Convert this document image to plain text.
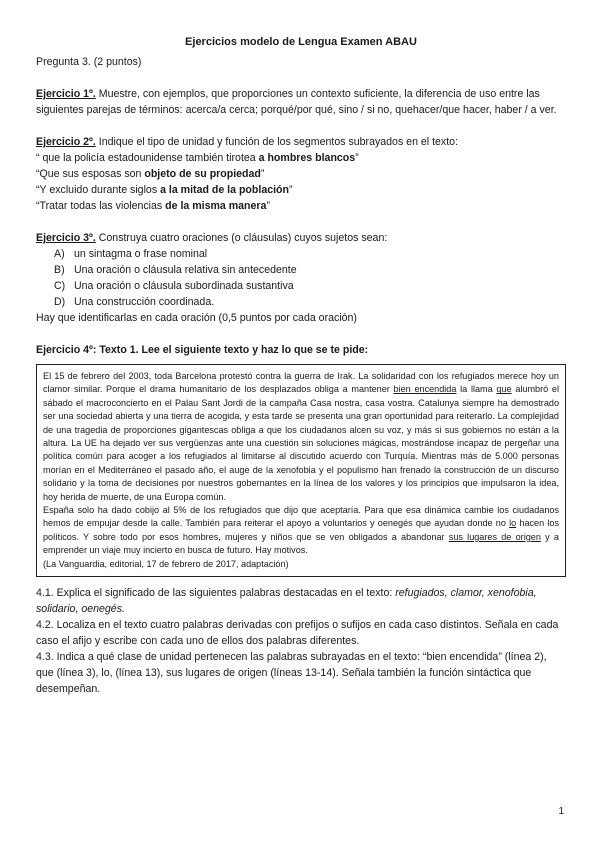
Ejercicios modelo de Lengua Examen ABAU

Pregunta 3. (2 puntos)

Ejercicio 1º. Muestre, con ejemplos, que proporciones un contexto suficiente, la diferencia de uso entre las siguientes parejas de términos: acerca/a cerca; porqué/por qué, sino / si no, quehacer/que hacer, haber / a ver.

Ejercicio 2º. Indique el tipo de unidad y función de los segmentos subrayados en el texto:

“ que la policía estadounidense también tirotea a hombres blancos”

“Que sus esposas son objeto de su propiedad”

“Y excluido durante siglos a la mitad de la población”

“Tratar todas las violencias de la misma manera”

Ejercicio 3º. Construya cuatro oraciones (o cláusulas) cuyos sujetos sean:

A) un sintagma o frase nominal
B) Una oración o cláusula relativa sin antecedente
C) Una oración o cláusula subordinada sustantiva
D) Una construcción coordinada.

Hay que identificarlas en cada oración (0,5 puntos por cada oración)

Ejercicio 4º: Texto 1. Lee el siguiente texto y haz lo que se te pide:

El 15 de febrero del 2003, toda Barcelona protestó contra la guerra de Irak. La solidaridad con los refugiados merece hoy un clamor similar. Porque el drama humanitario de los desplazados obliga a mantener bien encendida la llama que alumbró el sábado el macroconcierto en el Palau Sant Jordi de la campaña Casa nostra, casa vostra. Catalunya siempre ha demostrado ser una sociedad abierta y una tierra de acogida, y esta tarde se presenta una gran oportunidad para reiterarlo. La complejidad de una tragedia de proporciones gigantescas obliga a que los ciudadanos alcen su voz, y más si sus gobiernos no están a la altura. La UE ha dejado ver sus vergüenzas ante una cuestión sin soluciones mágicas, mostrándose incapaz de pergeñar una política común para acoger a los refugiados al limitarse al discutido acuerdo con Turquía. Mientras más de 5.000 personas morían en el Mediterráneo el pasado año, el auge de la xenofobia y el populismo han frenado la construcción de un discurso solidario y la toma de decisiones por nuestros gobernantes en la línea de los valores y los principios que impulsaron la idea, hoy herida de muerte, de una Europa común.

España solo ha dado cobijo al 5% de los refugiados que dijo que aceptaría. Para que esa dinámica cambie los ciudadanos hemos de empujar desde la calle. También para reiterar el apoyo a voluntarios y oenegés que ayudan donde no lo hacen los políticos. Y sobre todo por esos hombres, mujeres y niños que se ven obligados a abandonar sus lugares de origen y a emprender un viaje muy incierto en busca de futuro. Hay motivos.

(La Vanguardia, editorial, 17 de febrero de 2017, adaptación)

4.1. Explica el significado de las siguientes palabras destacadas en el texto: refugiados, clamor, xenofobia, solidario, oenegés.

4.2. Localiza en el texto cuatro palabras derivadas con prefijos o sufijos en cada caso distintos. Señala en cada caso el afijo y escribe con cada uno de ellos dos palabras diferentes.

4.3. Indica a qué clase de unidad pertenecen las palabras subrayadas en el texto: “bien encendida” (línea 2), que (línea 3), lo, (línea 13), sus lugares de origen (líneas 13-14). Señala también la función sintáctica que desempeñan.

1
